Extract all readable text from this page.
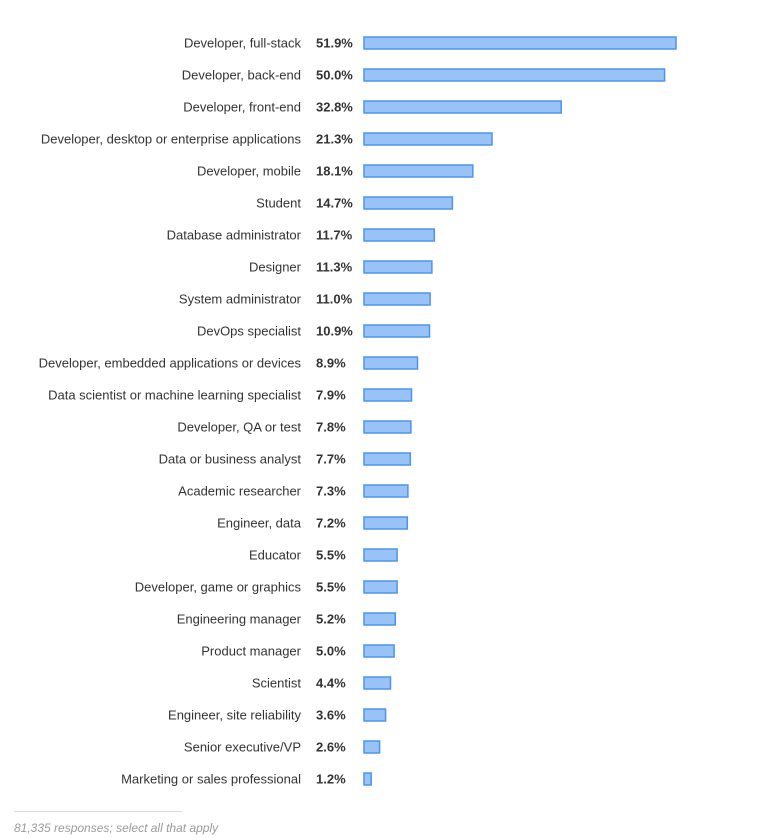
Developer, full-stack 51.9%
Developer, back-end 50.0%
Developer, front-end 32.8%
Developer, desktop or enterprise applications 21.3%
Developer, mobile 18.1%
Student 14.7%
Database administrator 11.7%
Designer 11.3%
System administrator 11.0%
DevOps specialist 10.9%
Developer, embedded applications or devices 8.9%
Data scientist or machine learning specialist 7.9%
Developer, QA or test 7.8%
Data or business analyst 7.7%
Academic researcher 7.3%
Engineer, data 7.2%
Educator 5.5%
Developer, game or graphics 5.5%
Engineering manager 5.2%
Product manager 5.0%
Scientist 4.4%
Engineer, site reliability 3.6%
Senior executive/VP 2.6%
Marketing or sales professional 1.2%
81,335 responses; select all that apply
